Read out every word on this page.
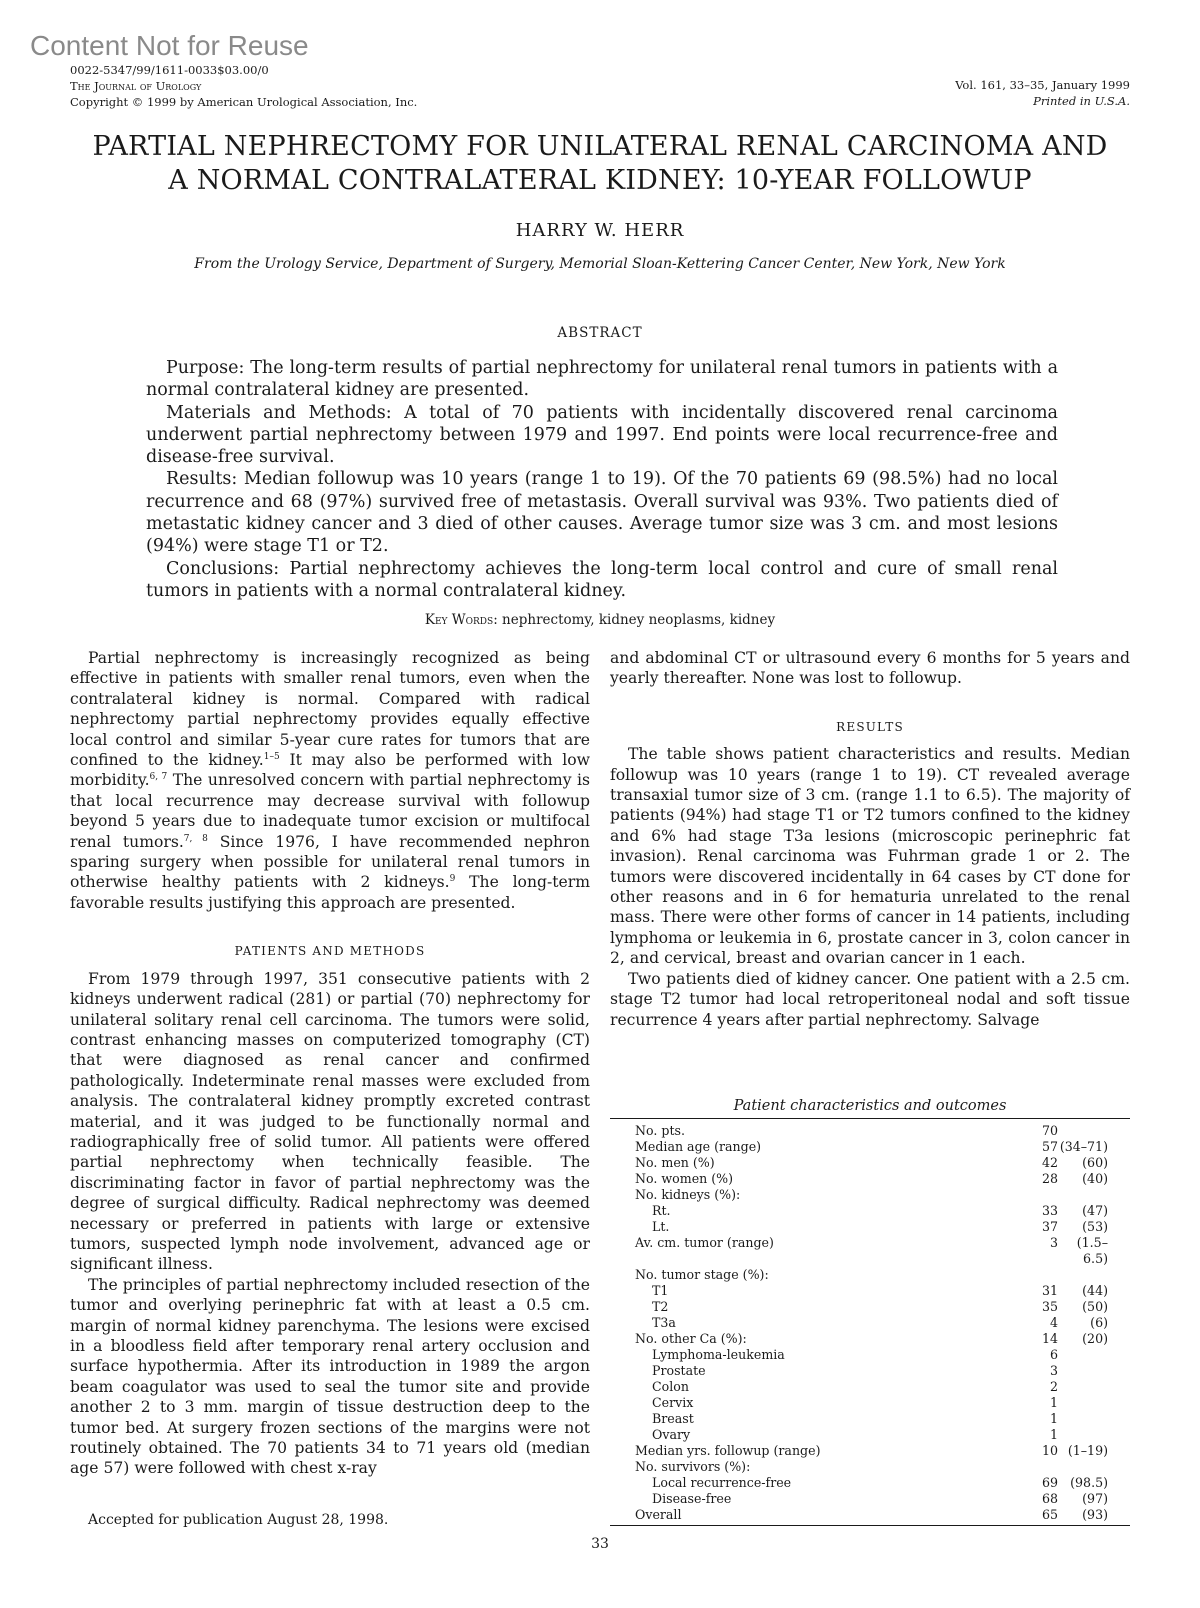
Content Not for Reuse
0022-5347/99/1611-0033$03.00/0
The Journal of Urology
Copyright © 1999 by American Urological Association, Inc.
Vol. 161, 33–35, January 1999
Printed in U.S.A.
PARTIAL NEPHRECTOMY FOR UNILATERAL RENAL CARCINOMA AND
A NORMAL CONTRALATERAL KIDNEY: 10-YEAR FOLLOWUP
HARRY W. HERR
From the Urology Service, Department of Surgery, Memorial Sloan-Kettering Cancer Center, New York, New York
ABSTRACT

Purpose: The long-term results of partial nephrectomy for unilateral renal tumors in patients with a normal contralateral kidney are presented.

Materials and Methods: A total of 70 patients with incidentally discovered renal carcinoma underwent partial nephrectomy between 1979 and 1997. End points were local recurrence-free and disease-free survival.

Results: Median followup was 10 years (range 1 to 19). Of the 70 patients 69 (98.5%) had no local recurrence and 68 (97%) survived free of metastasis. Overall survival was 93%. Two patients died of metastatic kidney cancer and 3 died of other causes. Average tumor size was 3 cm. and most lesions (94%) were stage T1 or T2.

Conclusions: Partial nephrectomy achieves the long-term local control and cure of small renal tumors in patients with a normal contralateral kidney.

Key Words: nephrectomy, kidney neoplasms, kidney

Partial nephrectomy is increasingly recognized as being effective in patients with smaller renal tumors, even when the contralateral kidney is normal. Compared with radical nephrectomy partial nephrectomy provides equally effective local control and similar 5-year cure rates for tumors that are confined to the kidney.$^{1-5}$ It may also be performed with low morbidity.$^{6, 7}$ The unresolved concern with partial nephrectomy is that local recurrence may decrease survival with followup beyond 5 years due to inadequate tumor excision or multifocal renal tumors.$^{7, 8}$ Since 1976, I have recommended nephron sparing surgery when possible for unilateral renal tumors in otherwise healthy patients with 2 kidneys.$^9$ The long-term favorable results justifying this approach are presented.

PATIENTS AND METHODS

From 1979 through 1997, 351 consecutive patients with 2 kidneys underwent radical (281) or partial (70) nephrectomy for unilateral solitary renal cell carcinoma. The tumors were solid, contrast enhancing masses on computerized tomography (CT) that were diagnosed as renal cancer and confirmed pathologically. Indeterminate renal masses were excluded from analysis. The contralateral kidney promptly excreted contrast material, and it was judged to be functionally normal and radiographically free of solid tumor. All patients were offered partial nephrectomy when technically feasible. The discriminating factor in favor of partial nephrectomy was the degree of surgical difficulty. Radical nephrectomy was deemed necessary or preferred in patients with large or extensive tumors, suspected lymph node involvement, advanced age or significant illness.

The principles of partial nephrectomy included resection of the tumor and overlying perinephric fat with at least a 0.5 cm. margin of normal kidney parenchyma. The lesions were excised in a bloodless field after temporary renal artery occlusion and surface hypothermia. After its introduction in 1989 the argon beam coagulator was used to seal the tumor site and provide another 2 to 3 mm. margin of tissue destruction deep to the tumor bed. At surgery frozen sections of the margins were not routinely obtained. The 70 patients 34 to 71 years old (median age 57) were followed with chest x-ray

Accepted for publication August 28, 1998.

and abdominal CT or ultrasound every 6 months for 5 years and yearly thereafter. None was lost to followup.

RESULTS

The table shows patient characteristics and results. Median followup was 10 years (range 1 to 19). CT revealed average transaxial tumor size of 3 cm. (range 1.1 to 6.5). The majority of patients (94%) had stage T1 or T2 tumors confined to the kidney and 6% had stage T3a lesions (microscopic perinephric fat invasion). Renal carcinoma was Fuhrman grade 1 or 2. The tumors were discovered incidentally in 64 cases by CT done for other reasons and in 6 for hematuria unrelated to the renal mass. There were other forms of cancer in 14 patients, including lymphoma or leukemia in 6, prostate cancer in 3, colon cancer in 2, and cervical, breast and ovarian cancer in 1 each.

Two patients died of kidney cancer. One patient with a 2.5 cm. stage T2 tumor had local retroperitoneal nodal and soft tissue recurrence 4 years after partial nephrectomy. Salvage

Patient characteristics and outcomes
No. pts.	70	
Median age (range)	57	(34–71)
No. men (%)	42	(60)
No. women (%)	28	(40)
No. kidneys (%):		
Rt.	33	(47)
Lt.	37	(53)
Av. cm. tumor (range)	3	(1.5–6.5)
No. tumor stage (%):		
T1	31	(44)
T2	35	(50)
T3a	4	(6)
No. other Ca (%):	14	(20)
Lymphoma-leukemia	6	
Prostate	3	
Colon	2	
Cervix	1	
Breast	1	
Ovary	1	
Median yrs. followup (range)	10	(1–19)
No. survivors (%):		
Local recurrence-free	69	(98.5)
Disease-free	68	(97)
Overall	65	(93)
33
